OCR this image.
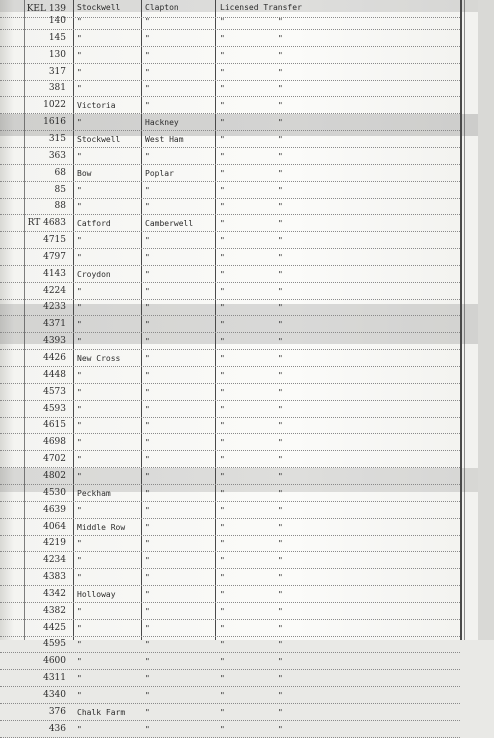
KEL 139 Stockwell	Clapton	Licensed Transfer
140 "	"	"	"
145 "	"	"	"
130 "	"	"	"
317 "	"	"	"
381 "	"	"	"
1022 Victoria	"	"	"
1616 "	Hackney	"	"
315 Stockwell	West Ham	"	"
363 "	"	"	"
68 Bow	Poplar	"	"
85 "	"	"	"
88 "	"	"	"
RT 4683 Catford	Camberwell	"	"
4715 "	"	"	"
4797 "	"	"	"
4143 Croydon	"	"	"
4224 "	"	"	"
4233 "	"	"	"
4371 "	"	"	"
4393 "	"	"	"
4426 New Cross	"	"	"
4448 "	"	"	"
4573 "	"	"	"
4593 "	"	"	"
4615 "	"	"	"
4698 "	"	"	"
4702 "	"	"	"
4802 "	"	"	"
4530 Peckham	"	"	"
4639 "	"	"	"
4064 Middle Row "	"	"
4219 "	"	"	"
4234 "	"	"	"
4383 "	"	"	"
4342 Holloway	"	"	"
4382 "	"	"	"
4425 "	"	"	"
4595 "	"	"	"
4600 "	"	"	"
4311 "	"	"	"
4340 "	"	"	"
376 Chalk Farm "	"	"
436 "	"	"	"
